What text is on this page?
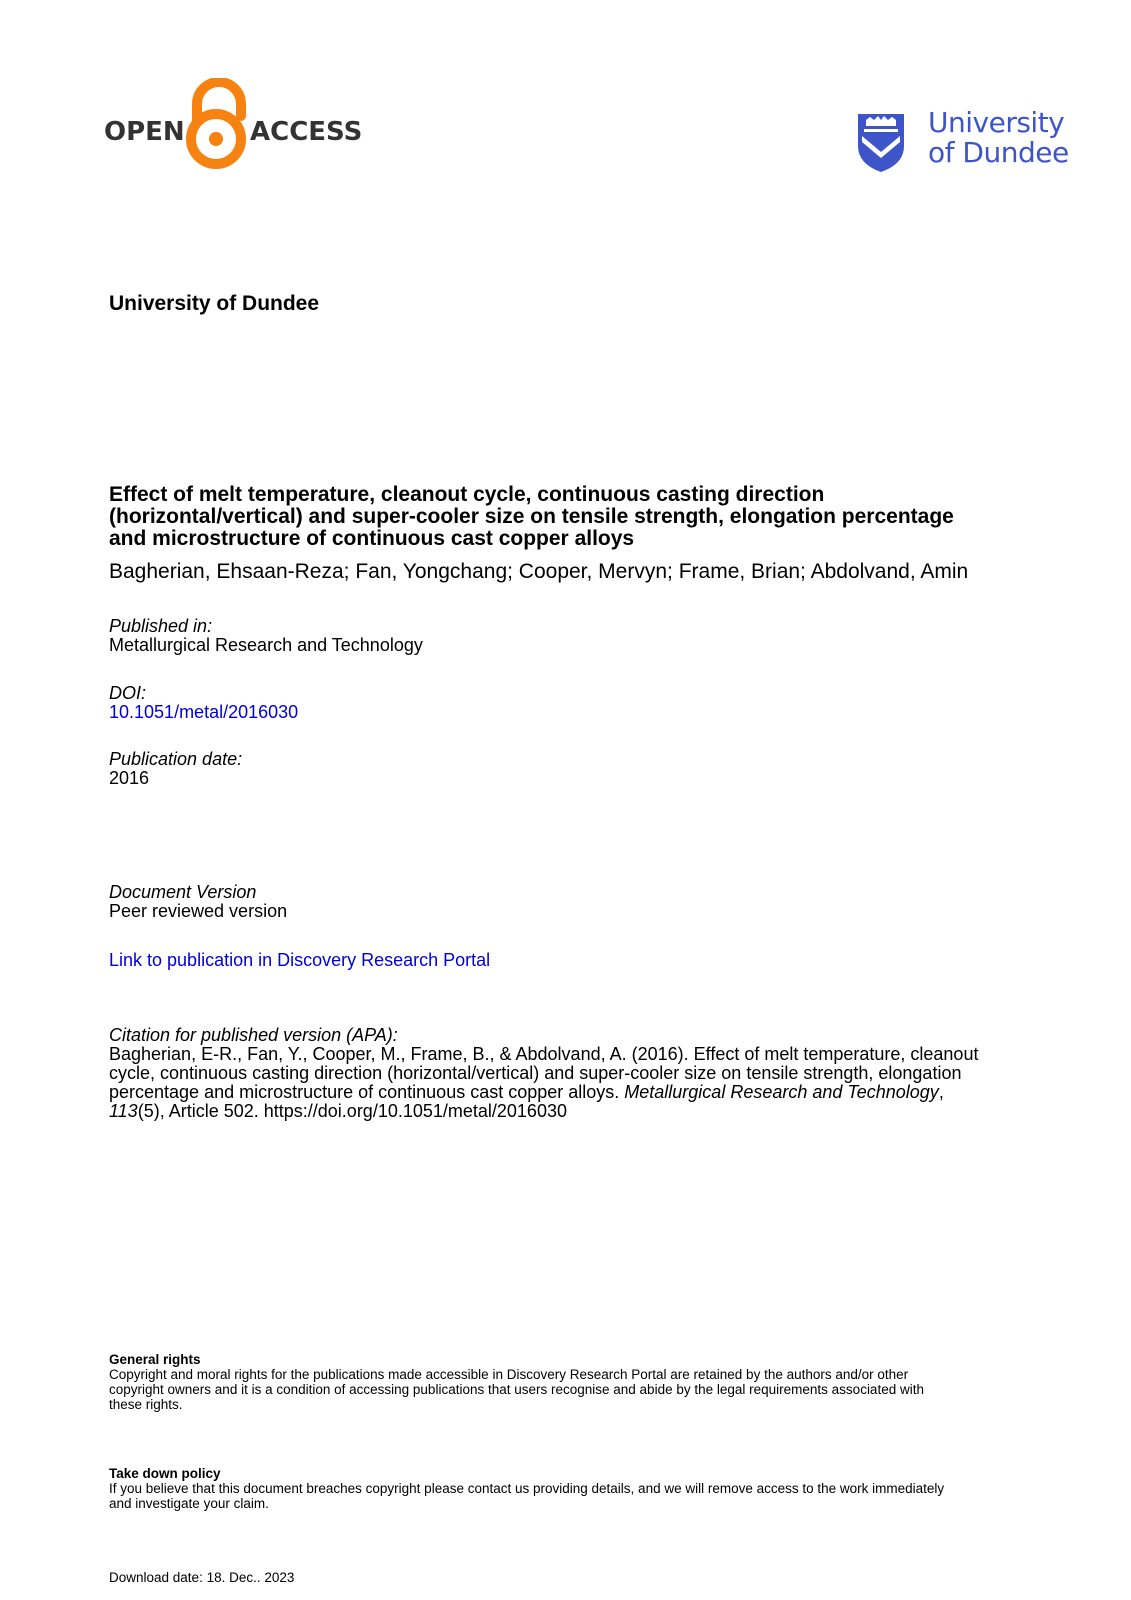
OPEN	ACCESS	University
of Dundee
University of Dundee
Effect of melt temperature, cleanout cycle, continuous casting direction
(horizontal/vertical) and super-cooler size on tensile strength, elongation percentage
and microstructure of continuous cast copper alloys
Bagherian, Ehsaan-Reza; Fan, Yongchang; Cooper, Mervyn; Frame, Brian; Abdolvand, Amin
Published in:
Metallurgical Research and Technology
DOI:
10.1051/metal/2016030
Publication date:
2016
Document Version
Peer reviewed version
Link to publication in Discovery Research Portal
Citation for published version (APA):
Bagherian, E-R., Fan, Y., Cooper, M., Frame, B., & Abdolvand, A. (2016). Effect of melt temperature, cleanout
cycle, continuous casting direction (horizontal/vertical) and super-cooler size on tensile strength, elongation
percentage and microstructure of continuous cast copper alloys. Metallurgical Research and Technology,
113(5), Article 502. https://doi.org/10.1051/metal/2016030
General rights
Copyright and moral rights for the publications made accessible in Discovery Research Portal are retained by the authors and/or other
copyright owners and it is a condition of accessing publications that users recognise and abide by the legal requirements associated with
these rights.
Take down policy
If you believe that this document breaches copyright please contact us providing details, and we will remove access to the work immediately
and investigate your claim.
Download date: 18. Dec.. 2023
